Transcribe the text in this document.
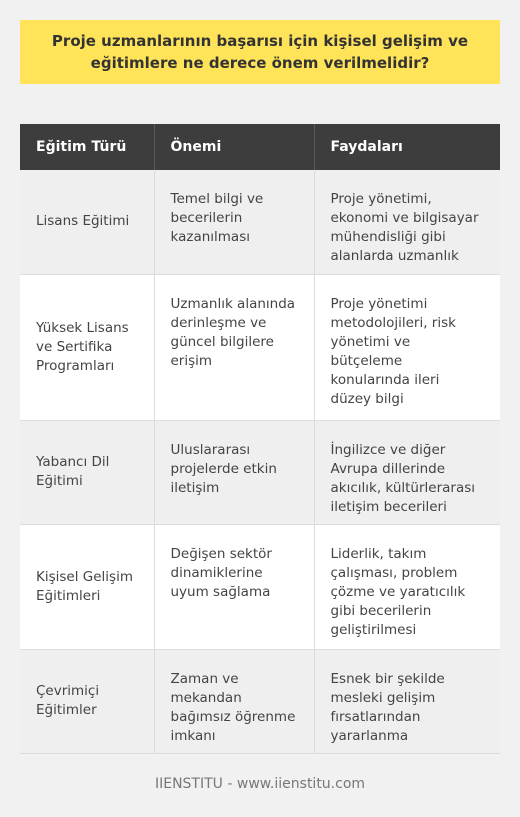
Proje uzmanlarının başarısı için kişisel gelişim ve eğitimlere ne derece önem verilmelidir?
Eğitim Türü	Önemi	Faydaları
Lisans Eğitimi	Temel bilgi ve becerilerin kazanılması	Proje yönetimi, ekonomi ve bilgisayar mühendisliği gibi alanlarda uzmanlık

Yüksek Lisans ve Sertifika Programları	Uzmanlık alanında derinleşme ve güncel bilgilere erişim	Proje yönetimi metodolojileri, risk yönetimi ve bütçeleme konularında ileri düzey bilgi

Yabancı Dil Eğitimi	Uluslararası projelerde etkin iletişim	İngilizce ve diğer Avrupa dillerinde akıcılık, kültürlerarası iletişim becerileri

Kişisel Gelişim Eğitimleri	Değişen sektör dinamiklerine uyum sağlama	Liderlik, takım çalışması, problem çözme ve yaratıcılık gibi becerilerin geliştirilmesi

Çevrimiçi Eğitimler	Zaman ve mekandan bağımsız öğrenme imkanı	Esnek bir şekilde mesleki gelişim fırsatlarından yararlanma
IIENSTITU - www.iienstitu.com
